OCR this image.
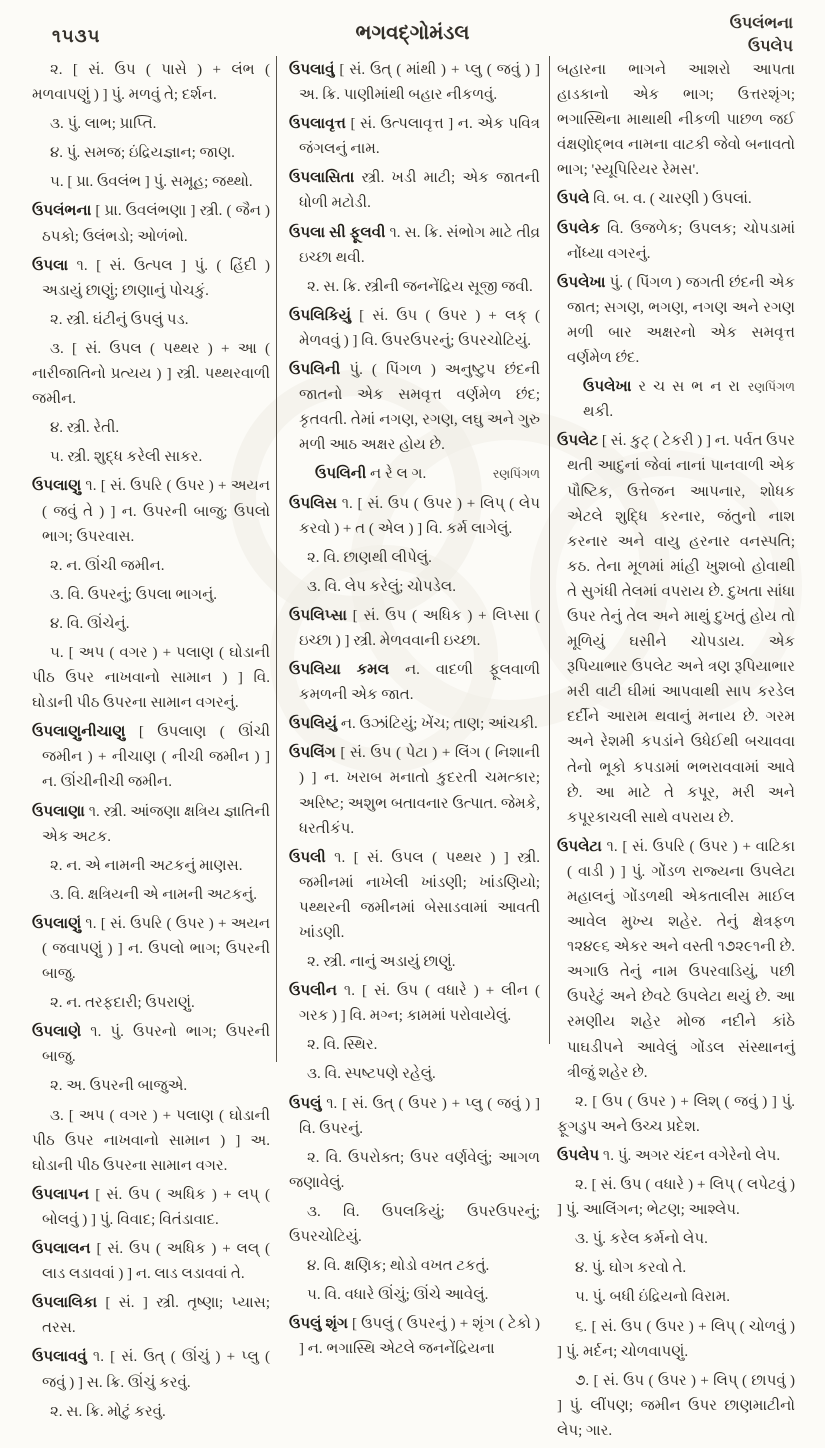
૧૫૩૫	ભગવદ્ગોમંડલ	ઉપલંભના
ઉપલેપ

૨. [ સં. ઉપ ( પાસે ) + લંભ ( મળવાપણું ) ] પું. મળવું તે; દર્શન.

૩. પું. લાભ; પ્રાપ્તિ.

૪. પું. સમજ; ઇંદ્રિયજ્ઞાન; જાણ.

૫. [ પ્રા. ઉવલંભ ] પું. સમૂહ; જથ્થો.

ઉપલંભના [ પ્રા. ઉવલંભણા ] સ્ત્રી. ( જૈન ) ઠપકો; ઉલંભડો; ઓળંભો.

ઉપલા ૧. [ સં. ઉત્પલ ] પું. ( હિંદી ) અડાયું છાણું; છાણાનું પોચકું.

૨. સ્ત્રી. ઘંટીનું ઉપલું પડ.

૩. [ સં. ઉપલ ( પથ્થર ) + આ ( નારીજાતિનો પ્રત્યય ) ] સ્ત્રી. પથ્થરવાળી જમીન.

૪. સ્ત્રી. રેતી.

૫. સ્ત્રી. શુદ્ધ કરેલી સાકર.

ઉપલાણુ ૧. [ સં. ઉપરિ ( ઉપર ) + અયન ( જવું તે ) ] ન. ઉપરની બાજુ; ઉપલો ભાગ; ઉપરવાસ.

૨. ન. ઊંચી જમીન.

૩. વિ. ઉપરનું; ઉપલા ભાગનું.

૪. વિ. ઊંચેનું.

૫. [ અપ ( વગર ) + પલાણ ( ઘોડાની પીઠ ઉપર નાખવાનો સામાન ) ] વિ. ઘોડાની પીઠ ઉપરના સામાન વગરનું.

ઉપલાણુનીચાણુ [ ઉપલાણ ( ઊંચી જમીન ) + નીચાણ ( નીચી જમીન ) ] ન. ઊંચીનીચી જમીન.

ઉપલાણા ૧. સ્ત્રી. આંજણા ક્ષત્રિય જ્ઞાતિની એક અટક.

૨. ન. એ નામની અટકનું માણસ.

૩. વિ. ક્ષત્રિયની એ નામની અટકનું.

ઉપલાણું ૧. [ સં. ઉપરિ ( ઉપર ) + અયન ( જવાપણું ) ] ન. ઉપલો ભાગ; ઉપરની બાજુ.

૨. ન. તરફદારી; ઉપરાણું.

ઉપલાણે ૧. પું. ઉપરનો ભાગ; ઉપરની બાજુ.

૨. અ. ઉપરની બાજુએ.

૩. [ અપ ( વગર ) + પલાણ ( ઘોડાની પીઠ ઉપર નાખવાનો સામાન ) ] અ. ઘોડાની પીઠ ઉપરના સામાન વગર.

ઉપલાપન [ સં. ઉપ ( અધિક ) + લપ્ ( બોલવું ) ] પું. વિવાદ; વિતંડાવાદ.

ઉપલાલન [ સં. ઉપ ( અધિક ) + લલ્ ( લાડ લડાવવાં ) ] ન. લાડ લડાવવાં તે.

ઉપલાલિકા [ સં. ] સ્ત્રી. તૃષ્ણા; પ્યાસ; તરસ.

ઉપલાવવું ૧. [ સં. ઉત્ ( ઊંચું ) + પ્લુ ( જવું ) ] સ. ક્રિ. ઊંચું કરવું.

૨. સ. ક્રિ. મોટું કરવું.

ઉપલાવું [ સં. ઉત્ ( માંથી ) + પ્લુ ( જવું ) ] અ. ક્રિ. પાણીમાંથી બહાર નીકળવું.

ઉપલાવૃત્ત [ સં. ઉત્પલાવૃત્ત ] ન. એક પવિત્ર જંગલનું નામ.

ઉપલાસિતા સ્ત્રી. ખડી માટી; એક જાતની ધોળી મટોડી.

ઉપલા સી ફૂલવી ૧. સ. ક્રિ. સંભોગ માટે તીવ્ર ઇચ્છા થવી.

૨. સ. ક્રિ. સ્ત્રીની જનનેંદ્રિય સૂજી જવી.

ઉપલિકિયું [ સં. ઉપ ( ઉપર ) + લક્ ( મેળવવું ) ] વિ. ઉપરઉપરનું; ઉપરચોટિયું.

ઉપલિની પું. ( પિંગળ ) અનુષ્ટુપ છંદની જાતનો એક સમવૃત્ત વર્ણમેળ છંદ; કૃતવતી. તેમાં નગણ, રગણ, લઘુ અને ગુરુ મળી આઠ અક્ષર હોય છે.

ઉપલિની ન રે લ ગ.	રણપિંગળ

ઉપલિસ ૧. [ સં. ઉપ ( ઉપર ) + લિપ્ ( લેપ કરવો ) + ત ( એલ ) ] વિ. કર્મ લાગેલું.

૨. વિ. છાણથી લીપેલું.

૩. વિ. લેપ કરેલું; ચોપડેલ.

ઉપલિપ્સા [ સં. ઉપ ( અધિક ) + લિપ્સા ( ઇચ્છા ) ] સ્ત્રી. મેળવવાની ઇચ્છા.

ઉપલિયા કમલ ન. વાદળી ફૂલવાળી કમળની એક જાત.

ઉપલિયું ન. ઉઝાંટિયું; ખેંચ; તાણ; આંચકી.

ઉપલિંગ [ સં. ઉપ ( પેટા ) + લિંગ ( નિશાની ) ] ન. ખરાબ મનાતો કુદરતી ચમત્કાર; અરિષ્ટ; અશુભ બતાવનાર ઉત્પાત. જેમકે, ધરતીકંપ.

ઉપલી ૧. [ સં. ઉપલ ( પથ્થર ) ] સ્ત્રી. જમીનમાં નાખેલી ખાંડણી; ખાંડણિયો; પથ્થરની જમીનમાં બેસાડવામાં આવતી ખાંડણી.

૨. સ્ત્રી. નાનું અડાયું છાણું.

ઉપલીન ૧. [ સં. ઉપ ( વધારે ) + લીન ( ગરક ) ] વિ. મગ્ન; કામમાં પરોવાયેલું.

૨. વિ. સ્થિર.

૩. વિ. સ્પષ્ટપણે રહેલું.

ઉપલું ૧. [ સં. ઉત્ ( ઉપર ) + પ્લુ ( જવું ) ] વિ. ઉપરનું.

૨. વિ. ઉપરોક્ત; ઉપર વર્ણવેલું; આગળ જણાવેલું.

૩. વિ. ઉપલકિયું; ઉપરઉપરનું; ઉપરચોટિયું.

૪. વિ. ક્ષણિક; થોડો વખત ટકતું.

૫. વિ. વધારે ઊંચું; ઊંચે આવેલું.

ઉપલું શૃંગ [ ઉપલું ( ઉપરનું ) + શૃંગ ( ટેકો ) ] ન. ભગાસ્થિ એટલે જનનેંદ્રિયના

બહારના ભાગને આશરો આપતા હાડકાનો એક ભાગ; ઉત્તરશૃંગ; ભગાસ્થિના માથાથી નીકળી પાછળ જઈ વંક્ષણોદ્ભવ નામના વાટકી જેવો બનાવતો ભાગ; 'સ્યૂપિરિયર રેમસ'.

ઉપલે વિ. બ. વ. ( ચારણી ) ઉપલાં.

ઉપલેક વિ. ઉજળેક; ઉપલક; ચોપડામાં નોંધ્યા વગરનું.

ઉપલેખા પું. ( પિંગળ ) જગતી છંદની એક જાત; સગણ, ભગણ, નગણ અને રગણ મળી બાર અક્ષરનો એક સમવૃત્ત વર્ણમેળ છંદ.

ઉપલેખા ર ચ સ ભ ન રા થકી.
રણપિંગળ

ઉપલેટ [ સં. કુટ્ ( ટેકરી ) ] ન. પર્વત ઉપર થતી આદુનાં જેવાં નાનાં પાનવાળી એક પૌષ્ટિક, ઉત્તેજન આપનાર, શોધક એટલે શુદ્ધિ કરનાર, જંતુનો નાશ કરનાર અને વાયુ હરનાર વનસ્પતિ; કઠ. તેના મૂળમાં માંહી ખુશબો હોવાથી તે સુગંધી તેલમાં વપરાય છે. દુખતા સાંધા ઉપર તેનું તેલ અને માથું દુખતું હોય તો મૂળિયું ઘસીને ચોપડાય. એક રૂપિયાભાર ઉપલેટ અને ત્રણ રૂપિયાભાર મરી વાટી ઘીમાં આપવાથી સાપ કરડેલ દર્દીને આરામ થવાનું મનાય છે. ગરમ અને રેશમી કપડાંને ઉધેઈથી બચાવવા તેનો ભૂકો કપડામાં ભભરાવવામાં આવે છે. આ માટે તે કપૂર, મરી અને કપૂરકાચલી સાથે વપરાય છે.

ઉપલેટા ૧. [ સં. ઉપરિ ( ઉપર ) + વાટિકા ( વાડી ) ] પું. ગોંડળ રાજ્યના ઉપલેટા મહાલનું ગોંડળથી એકતાલીસ માઈલ આવેલ મુખ્ય શહેર. તેનું ક્ષેત્રફળ ૧૨૪૯૬ એકર અને વસ્તી ૧૭૨૯૧ની છે. અગાઉ તેનું નામ ઉપરવાડિયું, પછી ઉપરેટું અને છેવટે ઉપલેટા થયું છે. આ રમણીય શહેર મોજ નદીને કાંઠે પાઘડીપને આવેલું ગોંડલ સંસ્થાનનું ત્રીજું શહેર છે.

૨. [ ઉપ ( ઉપર ) + લિશ્ ( જવું ) ] પું. ફૂગડુપ અને ઉચ્ચ પ્રદેશ.

ઉપલેપ ૧. પું. અગર ચંદન વગેરેનો લેપ.

૨. [ સં. ઉપ ( વધારે ) + લિપ્ ( લપેટવું ) ] પું. આલિંગન; ભેટણ; આશ્લેપ.

૩. પું. કરેલ કર્મનો લેપ.

૪. પું. ઘોગ કરવો તે.

૫. પું. બધી ઇંદ્રિયનો વિરામ.

૬. [ સં. ઉપ ( ઉપર ) + લિપ્ ( ચોળવું ) ] પું. મર્દન; ચોળવાપણું.

૭. [ સં. ઉપ ( ઉપર ) + લિપ્ ( છાપવું ) ] પું. લીંપણ; જમીન ઉપર છાણમાટીનો લેપ; ગાર.
